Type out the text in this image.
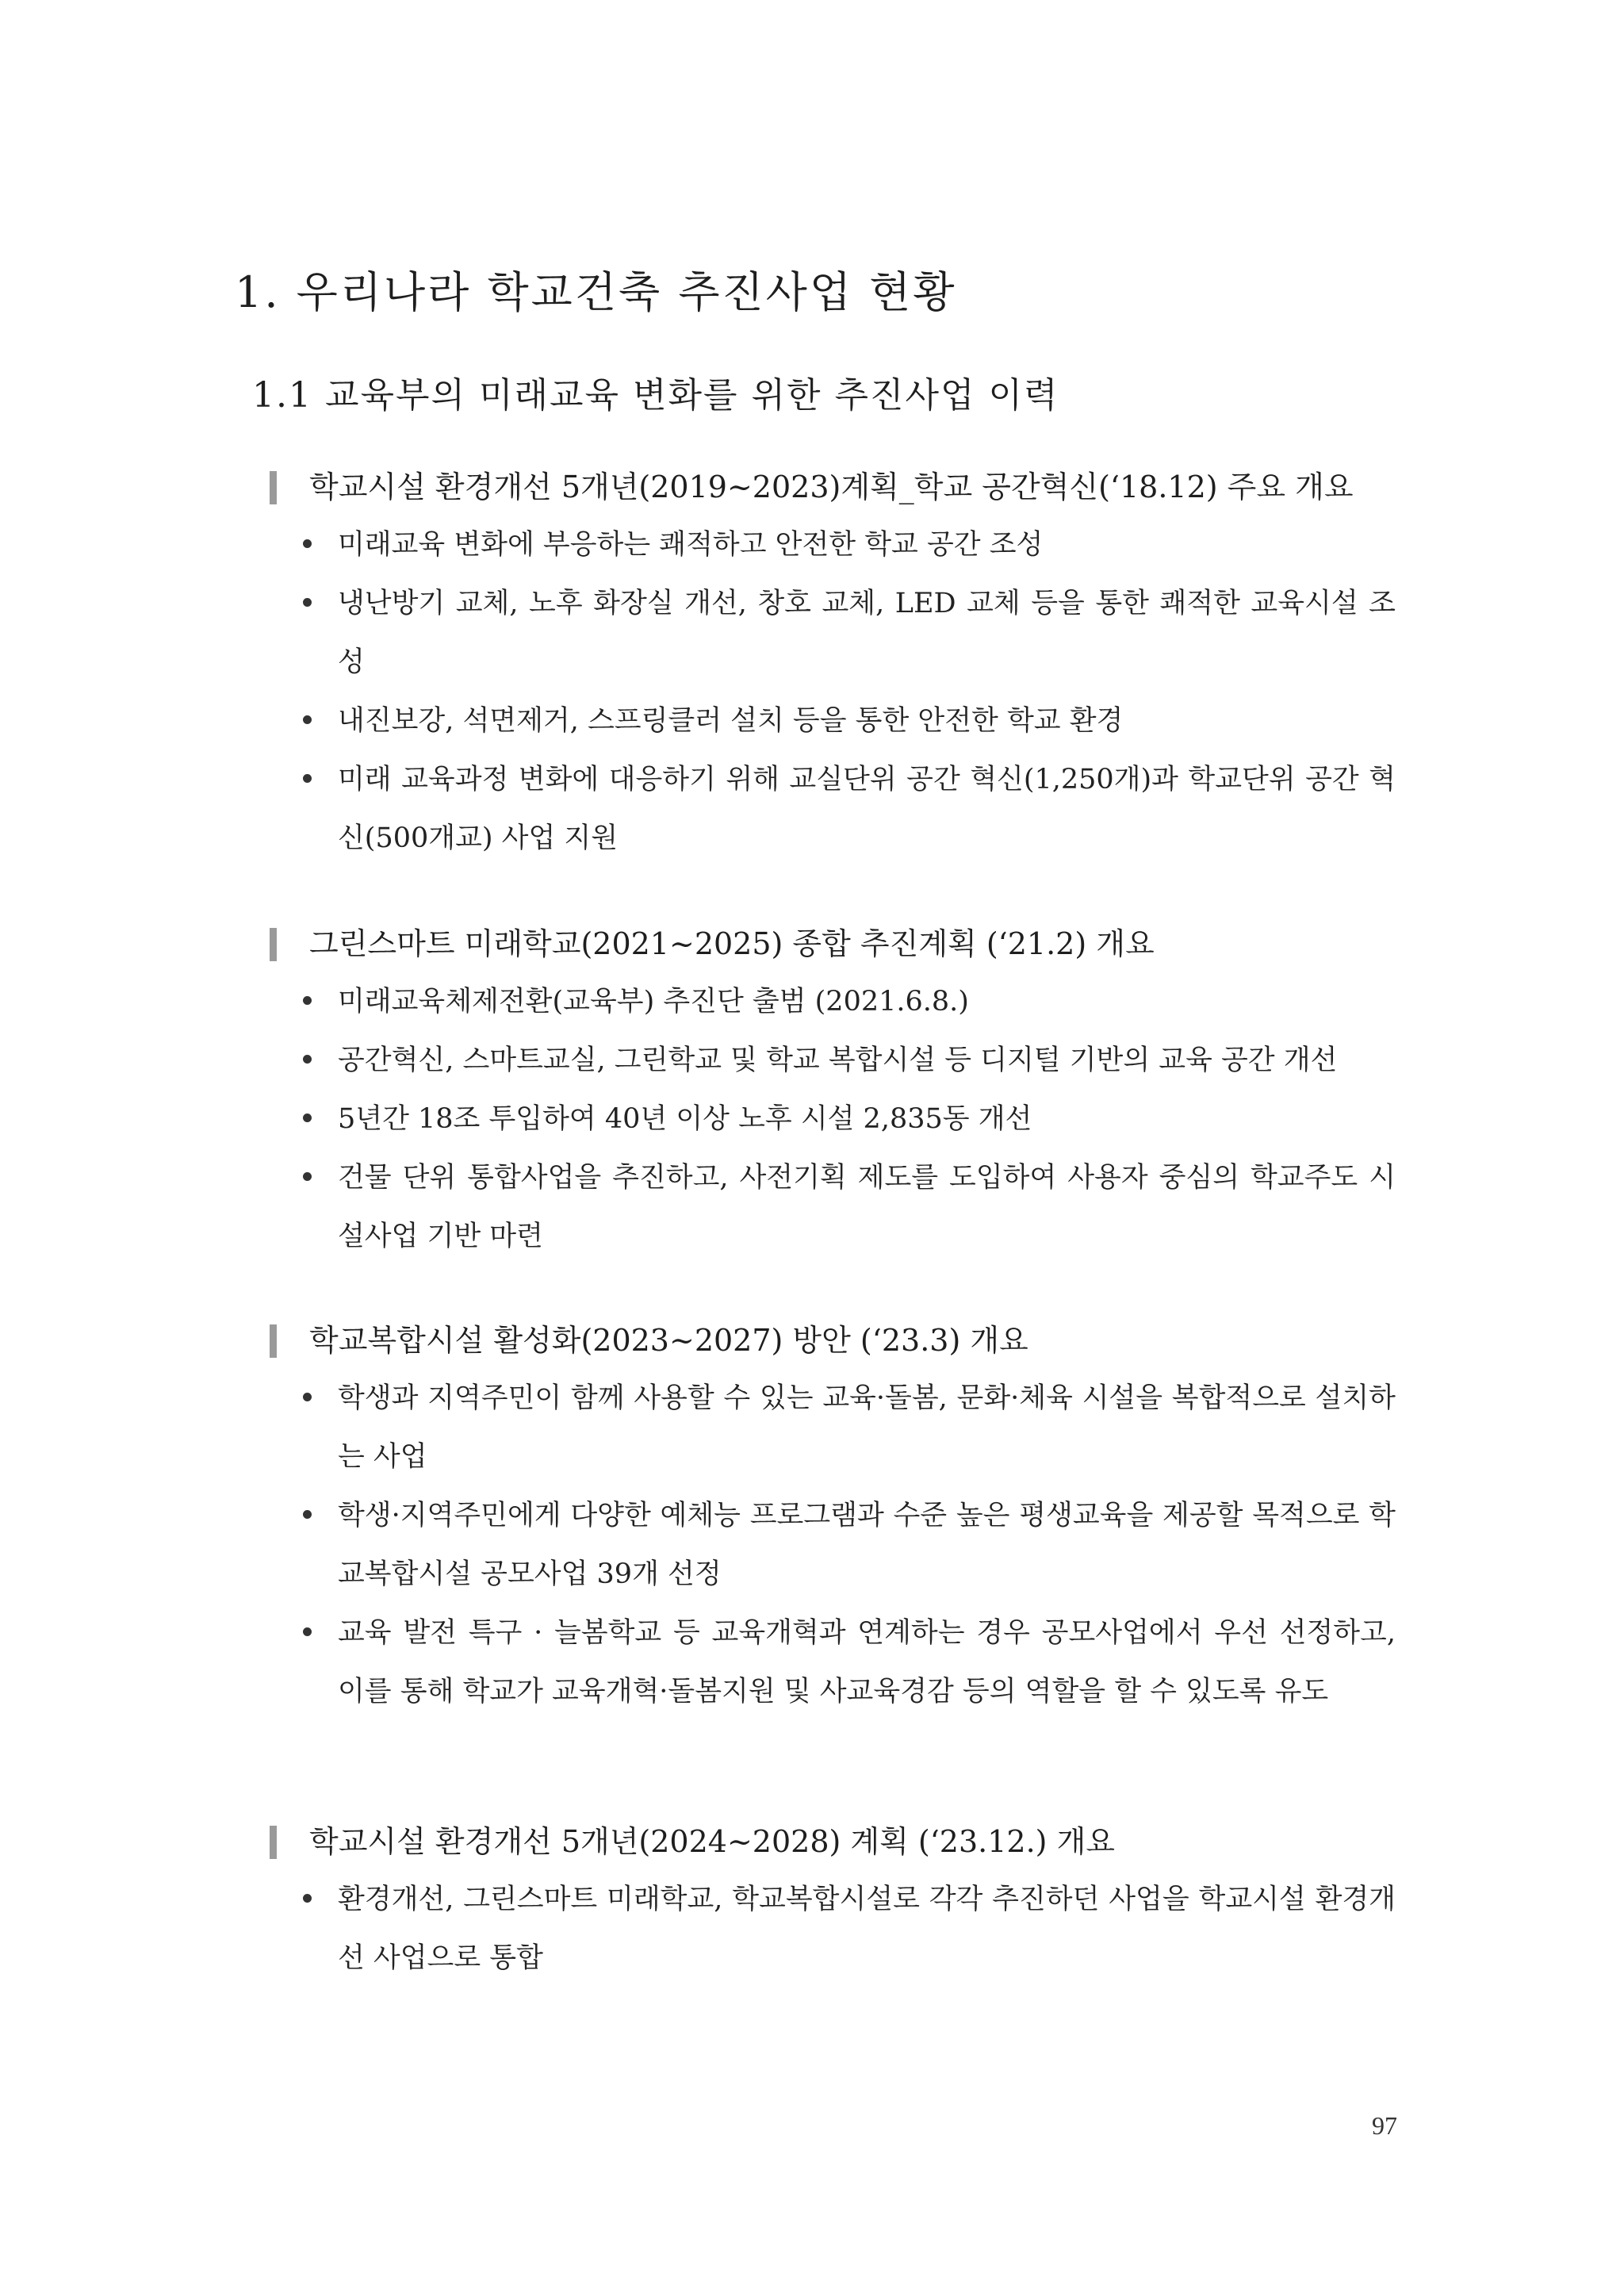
1. 우리나라 학교건축 추진사업 현황
1.1 교육부의 미래교육 변화를 위한 추진사업 이력
학교시설 환경개선 5개년(2019~2023)계획_학교 공간혁신(‘18.12) 주요 개요
미래교육 변화에 부응하는 쾌적하고 안전한 학교 공간 조성
냉난방기 교체, 노후 화장실 개선, 창호 교체, LED 교체 등을 통한 쾌적한 교육시설 조성
내진보강, 석면제거, 스프링클러 설치 등을 통한 안전한 학교 환경
미래 교육과정 변화에 대응하기 위해 교실단위 공간 혁신(1,250개)과 학교단위 공간 혁신(500개교) 사업 지원
그린스마트 미래학교(2021~2025) 종합 추진계획 (‘21.2) 개요
미래교육체제전환(교육부) 추진단 출범 (2021.6.8.)
공간혁신, 스마트교실, 그린학교 및 학교 복합시설 등 디지털 기반의 교육 공간 개선
5년간 18조 투입하여 40년 이상 노후 시설 2,835동 개선
건물 단위 통합사업을 추진하고, 사전기획 제도를 도입하여 사용자 중심의 학교주도 시설사업 기반 마련
학교복합시설 활성화(2023~2027) 방안 (‘23.3) 개요
학생과 지역주민이 함께 사용할 수 있는 교육·돌봄, 문화·체육 시설을 복합적으로 설치하는 사업
학생·지역주민에게 다양한 예체능 프로그램과 수준 높은 평생교육을 제공할 목적으로 학교복합시설 공모사업 39개 선정
교육 발전 특구 · 늘봄학교 등 교육개혁과 연계하는 경우 공모사업에서 우선 선정하고, 이를 통해 학교가 교육개혁·돌봄지원 및 사교육경감 등의 역할을 할 수 있도록 유도
학교시설 환경개선 5개년(2024~2028) 계획 (‘23.12.) 개요
환경개선, 그린스마트 미래학교, 학교복합시설로 각각 추진하던 사업을 학교시설 환경개선 사업으로 통합
97
